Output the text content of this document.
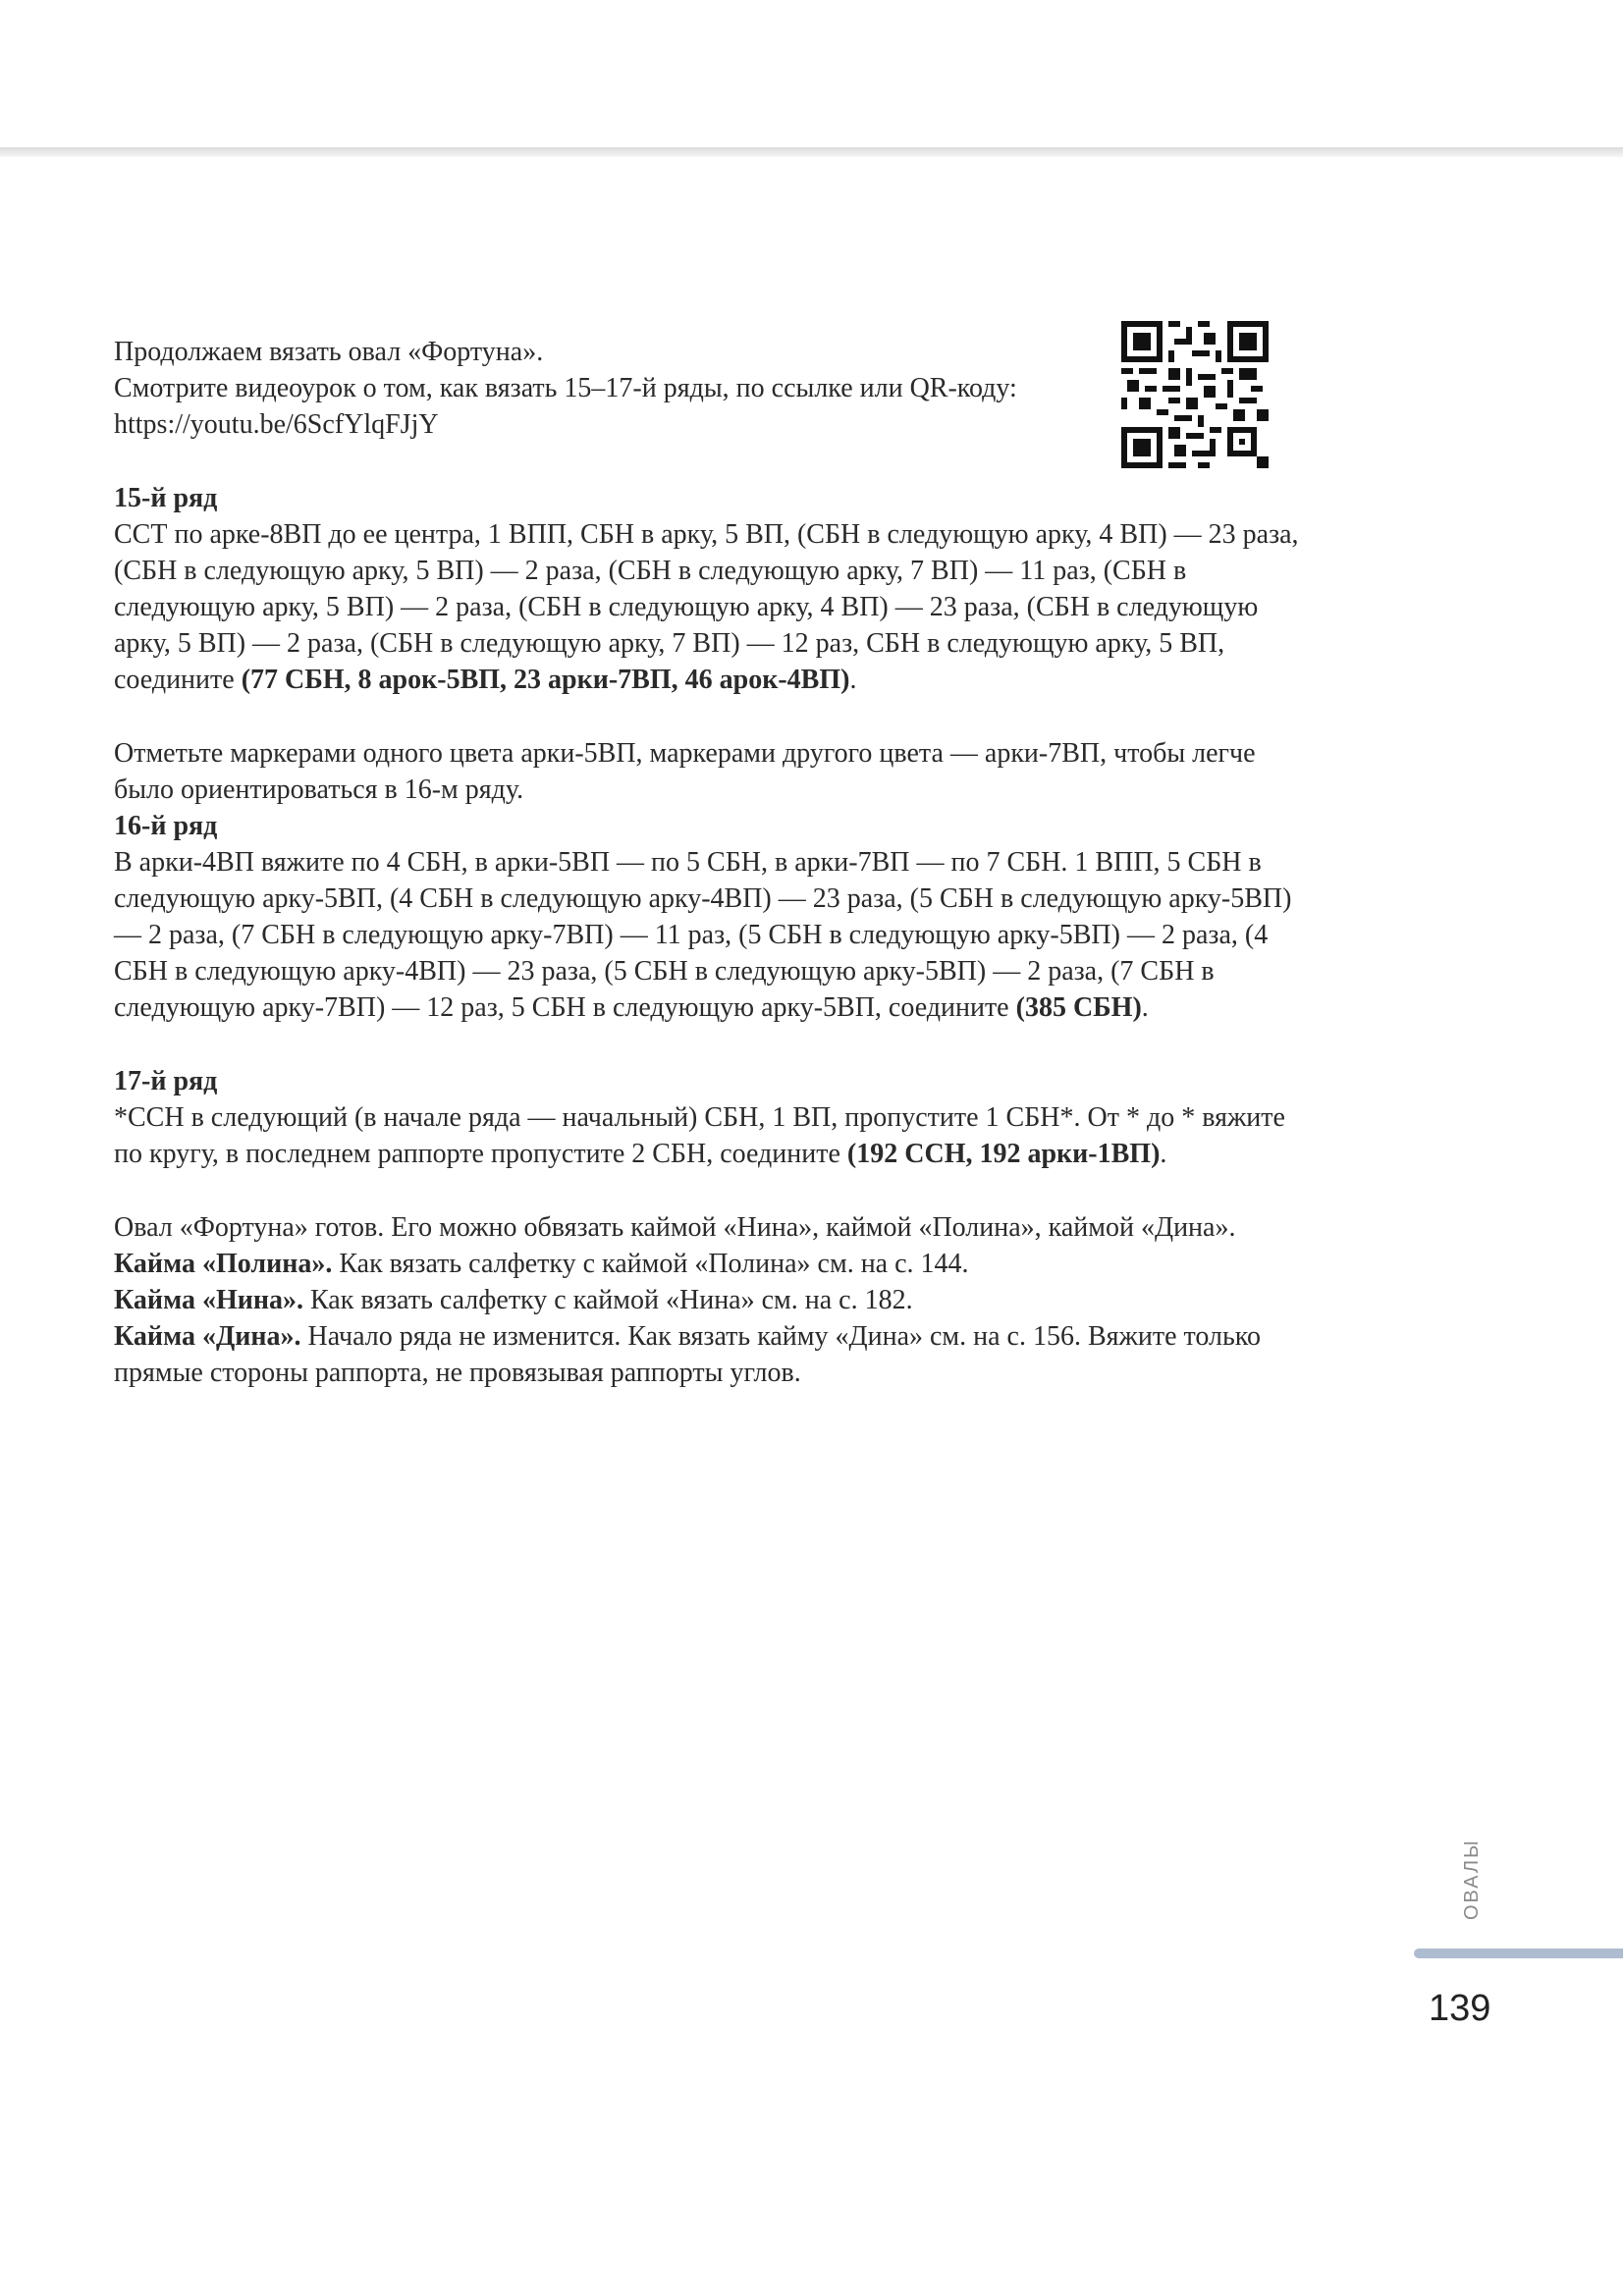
Продолжаем вязать овал «Фортуна».

Смотрите видеоурок о том, как вязать 15–17-й ряды, по ссылке или QR-коду:
https://youtu.be/6ScfYlqFJjY

15-й ряд

ССТ по арке-8ВП до ее центра, 1 ВПП, СБН в арку, 5 ВП, (СБН в следующую арку, 4 ВП) — 23 раза, (СБН в следующую арку, 5 ВП) — 2 раза, (СБН в следующую арку, 7 ВП) — 11 раз, (СБН в следующую арку, 5 ВП) — 2 раза, (СБН в следующую арку, 4 ВП) — 23 раза, (СБН в следующую арку, 5 ВП) — 2 раза, (СБН в следующую арку, 7 ВП) — 12 раз, СБН в следующую арку, 5 ВП, соедините (77 СБН, 8 арок-5ВП, 23 арки-7ВП, 46 арок-4ВП).

Отметьте маркерами одного цвета арки-5ВП, маркерами другого цвета — арки-7ВП, чтобы легче было ориентироваться в 16-м ряду.

16-й ряд

В арки-4ВП вяжите по 4 СБН, в арки-5ВП — по 5 СБН, в арки-7ВП — по 7 СБН. 1 ВПП, 5 СБН в следующую арку-5ВП, (4 СБН в следующую арку-4ВП) — 23 раза, (5 СБН в следующую арку-5ВП) — 2 раза, (7 СБН в следующую арку-7ВП) — 11 раз, (5 СБН в следующую арку-5ВП) — 2 раза, (4 СБН в следующую арку-4ВП) — 23 раза, (5 СБН в следующую арку-5ВП) — 2 раза, (7 СБН в следующую арку-7ВП) — 12 раз, 5 СБН в следующую арку-5ВП, соедините (385 СБН).

17-й ряд

*ССН в следующий (в начале ряда — начальный) СБН, 1 ВП, пропустите 1 СБН*. От * до * вяжите по кругу, в последнем раппорте пропустите 2 СБН, соедините (192 ССН, 192 арки-1ВП).

Овал «Фортуна» готов. Его можно обвязать каймой «Нина», каймой «Полина», каймой «Дина».

Кайма «Полина». Как вязать салфетку с каймой «Полина» см. на с. 144.

Кайма «Нина». Как вязать салфетку с каймой «Нина» см. на с. 182.

Кайма «Дина». Начало ряда не изменится. Как вязать кайму «Дина» см. на с. 156. Вяжите только прямые стороны раппорта, не провязывая раппорты углов.

ОВАЛЫ
139
